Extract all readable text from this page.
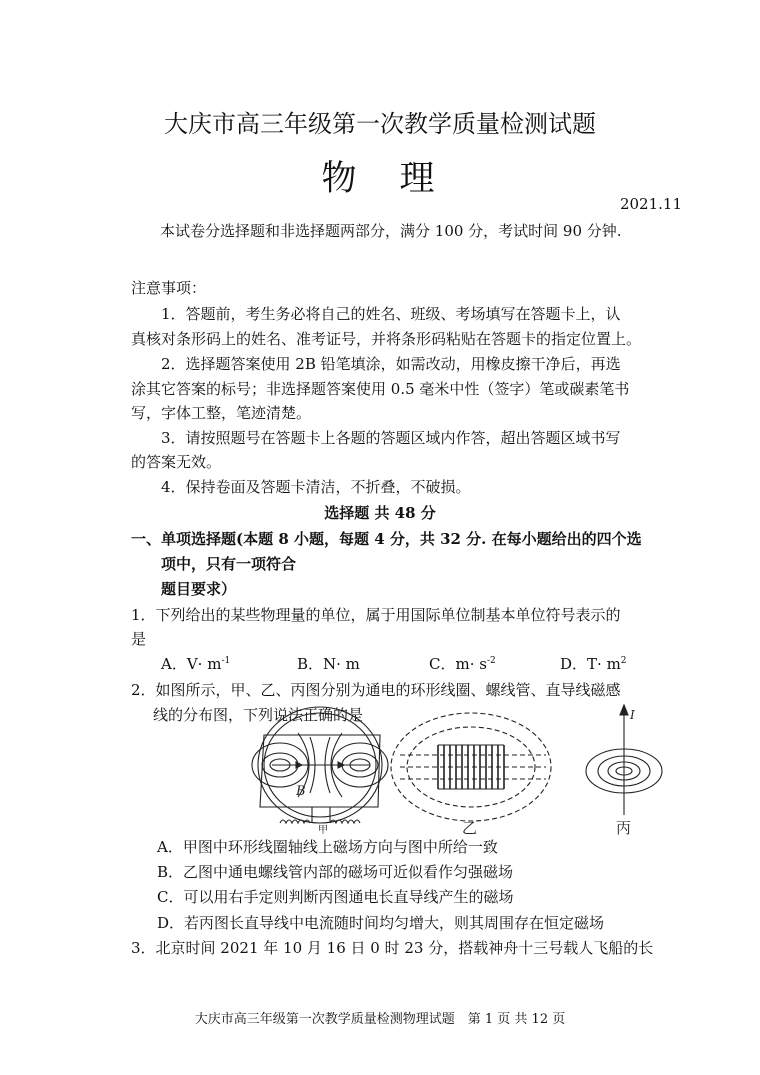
大庆市高三年级第一次教学质量检测试题
物　理
2021.11
本试卷分选择题和非选择题两部分，满分 100 分，考试时间 90 分钟.
注意事项：
1．答题前，考生务必将自己的姓名、班级、考场填写在答题卡上，认
真核对条形码上的姓名、准考证号，并将条形码粘贴在答题卡的指定位置上。
2．选择题答案使用 2B 铅笔填涂，如需改动，用橡皮擦干净后，再选
涂其它答案的标号；非选择题答案使用 0.5 毫米中性（签字）笔或碳素笔书
写，字体工整，笔迹清楚。
3．请按照题号在答题卡上各题的答题区域内作答，超出答题区域书写
的答案无效。
4．保持卷面及答题卡清洁，不折叠，不破损。
选择题 共 48 分
一、单项选择题(本题 8 小题，每题 4 分，共 32 分. 在每小题给出的四个选
项中，只有一项符合
题目要求）
1．下列给出的某些物理量的单位，属于用国际单位制基本单位符号表示的
是
A．$V\cdot m^{-1}$	B．N· m	C．$m\cdot s^{-2}$	D．$T\cdot m^2$
2．如图所示，甲、乙、丙图分别为通电的环形线圈、螺线管、直导线磁感
线的分布图，下列说法正确的是
B
甲	乙
I
丙
A．甲图中环形线圈轴线上磁场方向与图中所给一致
B．乙图中通电螺线管内部的磁场可近似看作匀强磁场
C．可以用右手定则判断丙图通电长直导线产生的磁场
D．若丙图长直导线中电流随时间均匀增大，则其周围存在恒定磁场
3．北京时间 2021 年 10 月 16 日 0 时 23 分，搭载神舟十三号载人飞船的长
大庆市高三年级第一次教学质量检测物理试题　第 1 页 共 12 页
